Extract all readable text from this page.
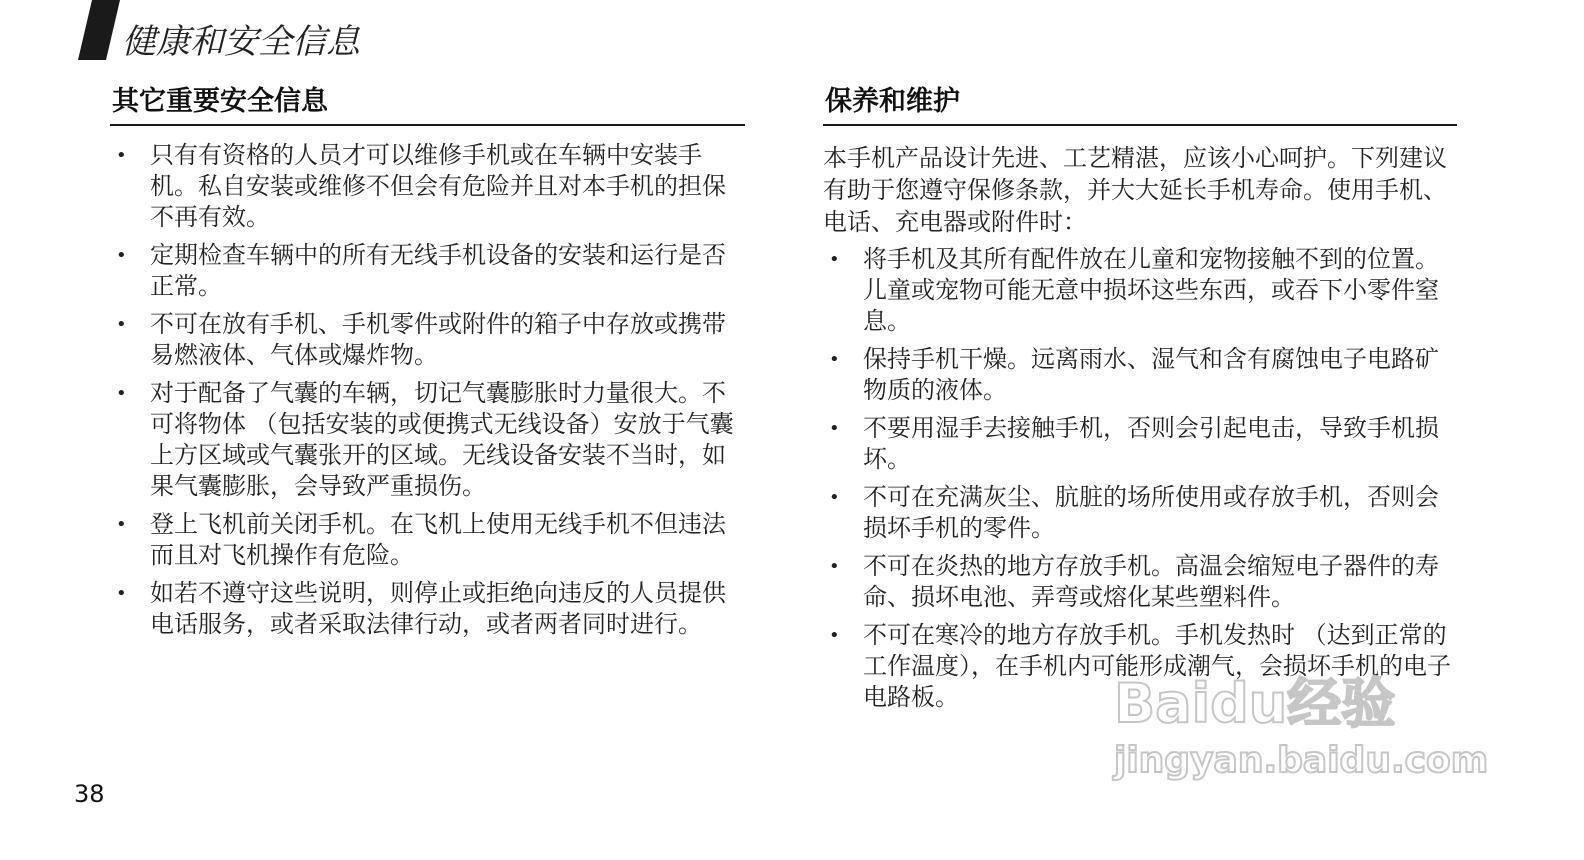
健康和安全信息
其它重要安全信息
• 只有有资格的人员才可以维修手机或在车辆中安装手机。私自安装或维修不但会有危险并且对本手机的担保不再有效。
• 定期检查车辆中的所有无线手机设备的安装和运行是否正常。
• 不可在放有手机、手机零件或附件的箱子中存放或携带易燃液体、气体或爆炸物。
• 对于配备了气囊的车辆，切记气囊膨胀时力量很大。不可将物体 （包括安装的或便携式无线设备）安放于气囊上方区域或气囊张开的区域。无线设备安装不当时，如果气囊膨胀，会导致严重损伤。
• 登上飞机前关闭手机。在飞机上使用无线手机不但违法而且对飞机操作有危险。
• 如若不遵守这些说明，则停止或拒绝向违反的人员提供电话服务，或者采取法律行动，或者两者同时进行。
保养和维护

本手机产品设计先进、工艺精湛，应该小心呵护。下列建议有助于您遵守保修条款，并大大延长手机寿命。使用手机、电话、充电器或附件时：

• 将手机及其所有配件放在儿童和宠物接触不到的位置。儿童或宠物可能无意中损坏这些东西，或吞下小零件窒息。
• 保持手机干燥。远离雨水、湿气和含有腐蚀电子电路矿物质的液体。
• 不要用湿手去接触手机，否则会引起电击，导致手机损坏。
• 不可在充满灰尘、肮脏的场所使用或存放手机，否则会损坏手机的零件。
• 不可在炎热的地方存放手机。高温会缩短电子器件的寿命、损坏电池、弄弯或熔化某些塑料件。
• 不可在寒冷的地方存放手机。手机发热时 （达到正常的工作温度），在手机内可能形成潮气，会损坏手机的电子电路板。
38
Baidu经验
jingyan.baidu.com
